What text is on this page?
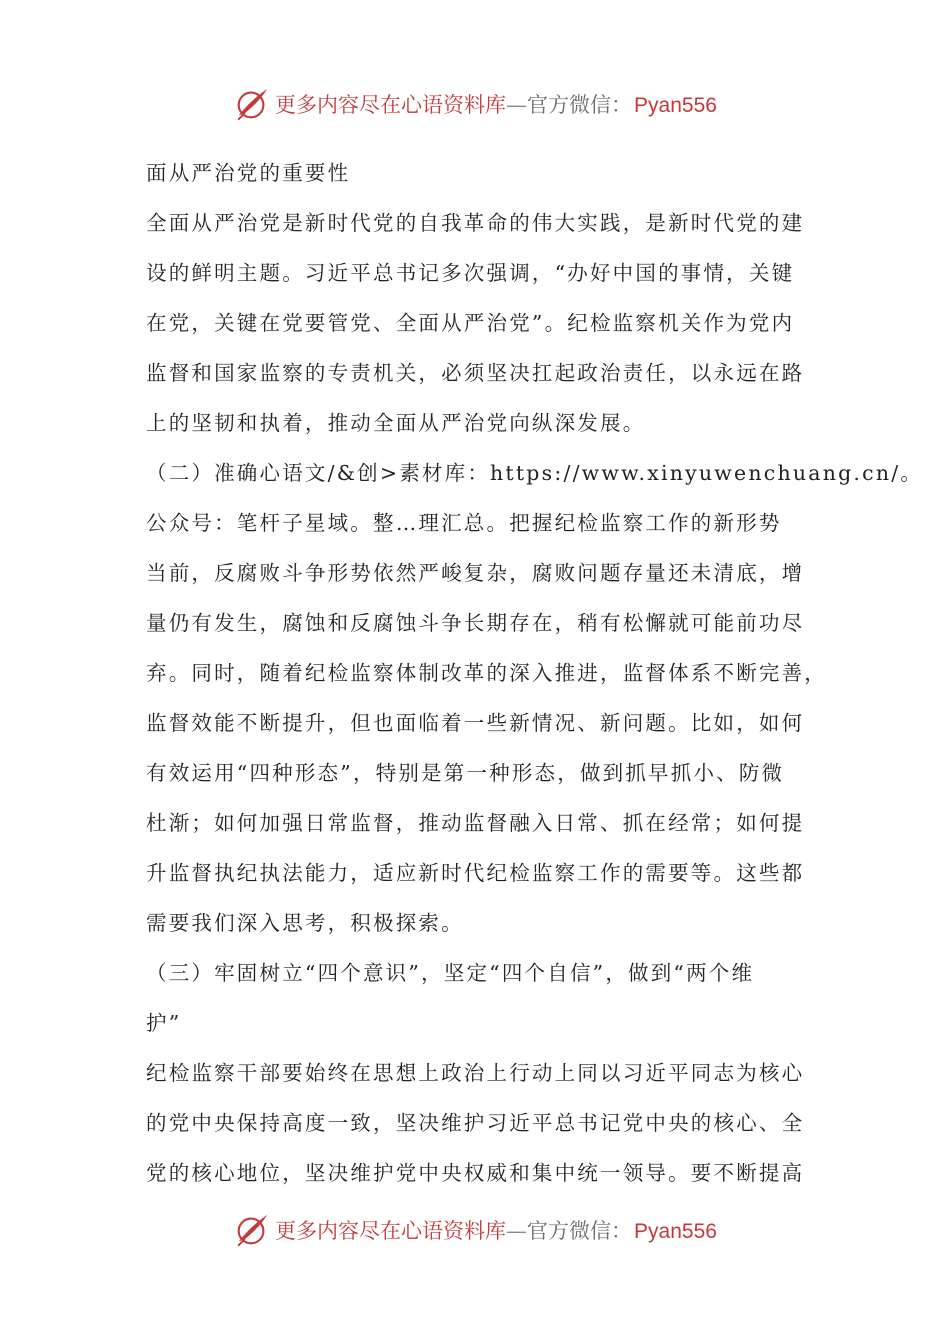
更多内容尽在心语资料库 — 官方微信： Pyan556
面从严治党的重要性
全面从严治党是新时代党的自我革命的伟大实践，是新时代党的建
设的鲜明主题。习近平总书记多次强调，“办好中国的事情，关键
在党，关键在党要管党、全面从严治党”。纪检监察机关作为党内
监督和国家监察的专责机关，必须坚决扛起政治责任，以永远在路
上的坚韧和执着，推动全面从严治党向纵深发展。
（二）准确心语文/&创>素材库：https://www.xinyuwenchuang.cn/。
公众号：笔杆子星域。整…理汇总。把握纪检监察工作的新形势
当前，反腐败斗争形势依然严峻复杂，腐败问题存量还未清底，增
量仍有发生，腐蚀和反腐蚀斗争长期存在，稍有松懈就可能前功尽
弃。同时，随着纪检监察体制改革的深入推进，监督体系不断完善，
监督效能不断提升，但也面临着一些新情况、新问题。比如，如何
有效运用“四种形态”，特别是第一种形态，做到抓早抓小、防微
杜渐；如何加强日常监督，推动监督融入日常、抓在经常；如何提
升监督执纪执法能力，适应新时代纪检监察工作的需要等。这些都
需要我们深入思考，积极探索。
（三）牢固树立“四个意识”，坚定“四个自信”，做到“两个维
护”
纪检监察干部要始终在思想上政治上行动上同以习近平同志为核心
的党中央保持高度一致，坚决维护习近平总书记党中央的核心、全
党的核心地位，坚决维护党中央权威和集中统一领导。要不断提高
更多内容尽在心语资料库 — 官方微信： Pyan556
